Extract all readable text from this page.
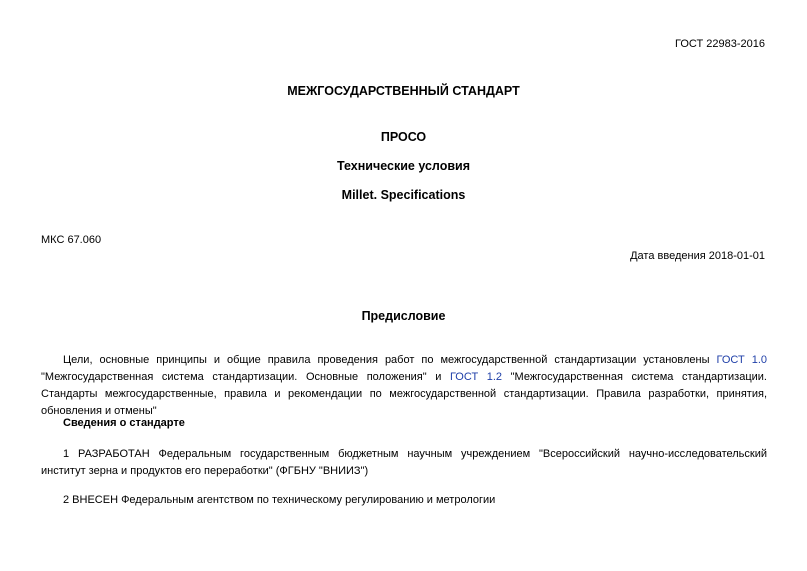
ГОСТ 22983-2016
МЕЖГОСУДАРСТВЕННЫЙ СТАНДАРТ
ПРОСО
Технические условия
Millet. Specifications
МКС 67.060
Дата введения 2018-01-01
Предисловие
Цели, основные принципы и общие правила проведения работ по межгосударственной стандартизации установлены ГОСТ 1.0 "Межгосударственная система стандартизации. Основные положения" и ГОСТ 1.2 "Межгосударственная система стандартизации. Стандарты межгосударственные, правила и рекомендации по межгосударственной стандартизации. Правила разработки, принятия, обновления и отмены"
Сведения о стандарте
1 РАЗРАБОТАН Федеральным государственным бюджетным научным учреждением "Всероссийский научно-исследовательский институт зерна и продуктов его переработки" (ФГБНУ "ВНИИЗ")
2 ВНЕСЕН Федеральным агентством по техническому регулированию и метрологии
